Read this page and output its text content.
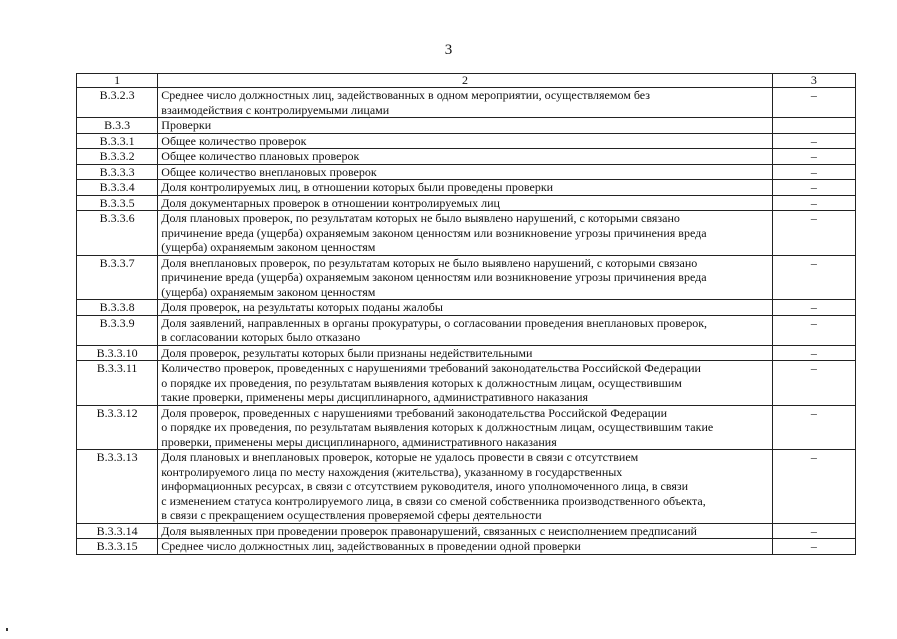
3
1	2	3
В.3.2.3	Среднее число должностных лиц, задействованных в одном мероприятии, осуществляемом без
взаимодействия с контролируемыми лицами	–
В.3.3	Проверки	

В.3.3.1	Общее количество проверок	–
В.3.3.2	Общее количество плановых проверок	–
В.3.3.3	Общее количество внеплановых проверок	–
В.3.3.4	Доля контролируемых лиц, в отношении которых были проведены проверки	–
В.3.3.5	Доля документарных проверок в отношении контролируемых лиц	–
В.3.3.6	Доля плановых проверок, по результатам которых не было выявлено нарушений, с которыми связано
причинение вреда (ущерба) охраняемым законом ценностям или возникновение угрозы причинения вреда
(ущерба) охраняемым законом ценностям	–
В.3.3.7	Доля внеплановых проверок, по результатам которых не было выявлено нарушений, с которыми связано
причинение вреда (ущерба) охраняемым законом ценностям или возникновение угрозы причинения вреда
(ущерба) охраняемым законом ценностям	–
В.3.3.8	Доля проверок, на результаты которых поданы жалобы	–
В.3.3.9	Доля заявлений, направленных в органы прокуратуры, о согласовании проведения внеплановых проверок,
в согласовании которых было отказано	–
В.3.3.10	Доля проверок, результаты которых были признаны недействительными	–
В.3.3.11	Количество проверок, проведенных с нарушениями требований законодательства Российской Федерации
о порядке их проведения, по результатам выявления которых к должностным лицам, осуществившим
такие проверки, применены меры дисциплинарного, административного наказания	–
В.3.3.12	Доля проверок, проведенных с нарушениями требований законодательства Российской Федерации
о порядке их проведения, по результатам выявления которых к должностным лицам, осуществившим такие
проверки, применены меры дисциплинарного, административного наказания	–
В.3.3.13	Доля плановых и внеплановых проверок, которые не удалось провести в связи с отсутствием
контролируемого лица по месту нахождения (жительства), указанному в государственных
информационных ресурсах, в связи с отсутствием руководителя, иного уполномоченного лица, в связи
с изменением статуса контролируемого лица, в связи со сменой собственника производственного объекта,
в связи с прекращением осуществления проверяемой сферы деятельности	–
В.3.3.14	Доля выявленных при проведении проверок правонарушений, связанных с неисполнением предписаний	–
В.3.3.15	Среднее число должностных лиц, задействованных в проведении одной проверки	–
